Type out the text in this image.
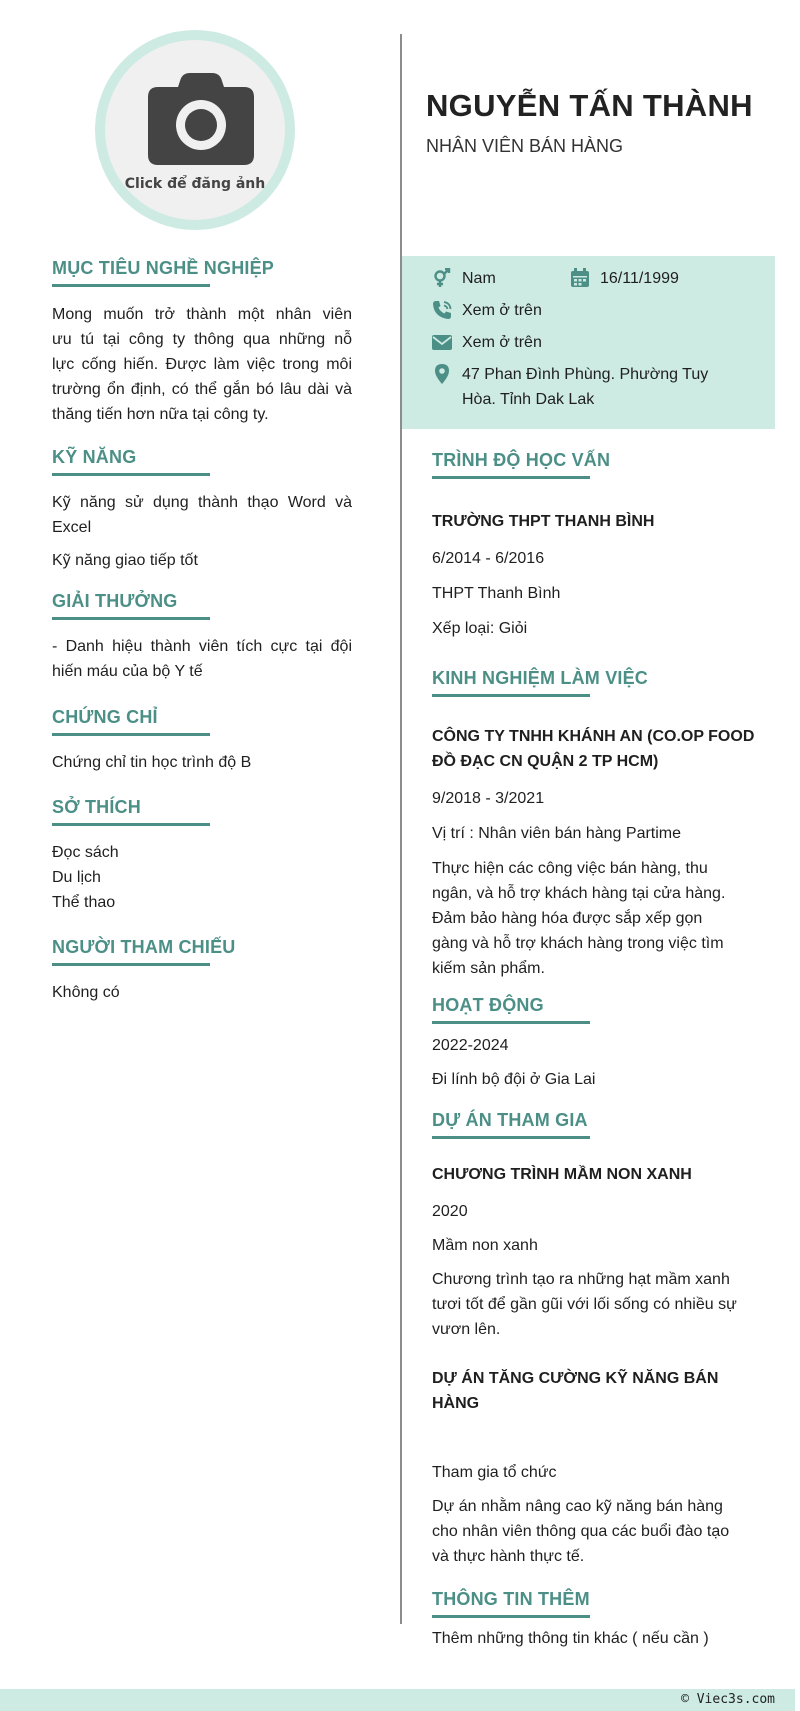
Click để đăng ảnh
NGUYỄN TẤN THÀNH
NHÂN VIÊN BÁN HÀNG
Nam	16/11/1999
Xem ở trên
Xem ở trên
47 Phan Đình Phùng. Phường Tuy
Hòa. Tỉnh Dak Lak
MỤC TIÊU NGHỀ NGHIỆP

Mong muốn trở thành một nhân viên

ưu tú tại công ty thông qua những nỗ

lực cống hiến. Được làm việc trong môi

trường ổn định, có thể gắn bó lâu dài và

thăng tiến hơn nữa tại công ty.

KỸ NĂNG

Kỹ năng sử dụng thành thạo Word và

Excel

Kỹ năng giao tiếp tốt

GIẢI THƯỞNG

- Danh hiệu thành viên tích cực tại đội

hiến máu của bộ Y tế

CHỨNG CHỈ

Chứng chỉ tin học trình độ B

SỞ THÍCH

Đọc sách

Du lịch

Thể thao

NGƯỜI THAM CHIẾU

Không có

TRÌNH ĐỘ HỌC VẤN

TRƯỜNG THPT THANH BÌNH

6/2014 - 6/2016

THPT Thanh Bình

Xếp loại: Giỏi

KINH NGHIỆM LÀM VIỆC

CÔNG TY TNHH KHÁNH AN (CO.OP FOOD

ĐỒ ĐẠC CN QUẬN 2 TP HCM)

9/2018 - 3/2021

Vị trí : Nhân viên bán hàng Partime

Thực hiện các công việc bán hàng, thu

ngân, và hỗ trợ khách hàng tại cửa hàng.

Đảm bảo hàng hóa được sắp xếp gọn

gàng và hỗ trợ khách hàng trong việc tìm

kiếm sản phẩm.

HOẠT ĐỘNG

2022-2024

Đi lính bộ đội ở Gia Lai

DỰ ÁN THAM GIA

CHƯƠNG TRÌNH MẦM NON XANH

2020

Mầm non xanh

Chương trình tạo ra những hạt mầm xanh

tươi tốt để gần gũi với lối sống có nhiều sự

vươn lên.

DỰ ÁN TĂNG CƯỜNG KỸ NĂNG BÁN

HÀNG

Tham gia tổ chức

Dự án nhằm nâng cao kỹ năng bán hàng

cho nhân viên thông qua các buổi đào tạo

và thực hành thực tế.

THÔNG TIN THÊM

Thêm những thông tin khác ( nếu cần )

© Viec3s.com
